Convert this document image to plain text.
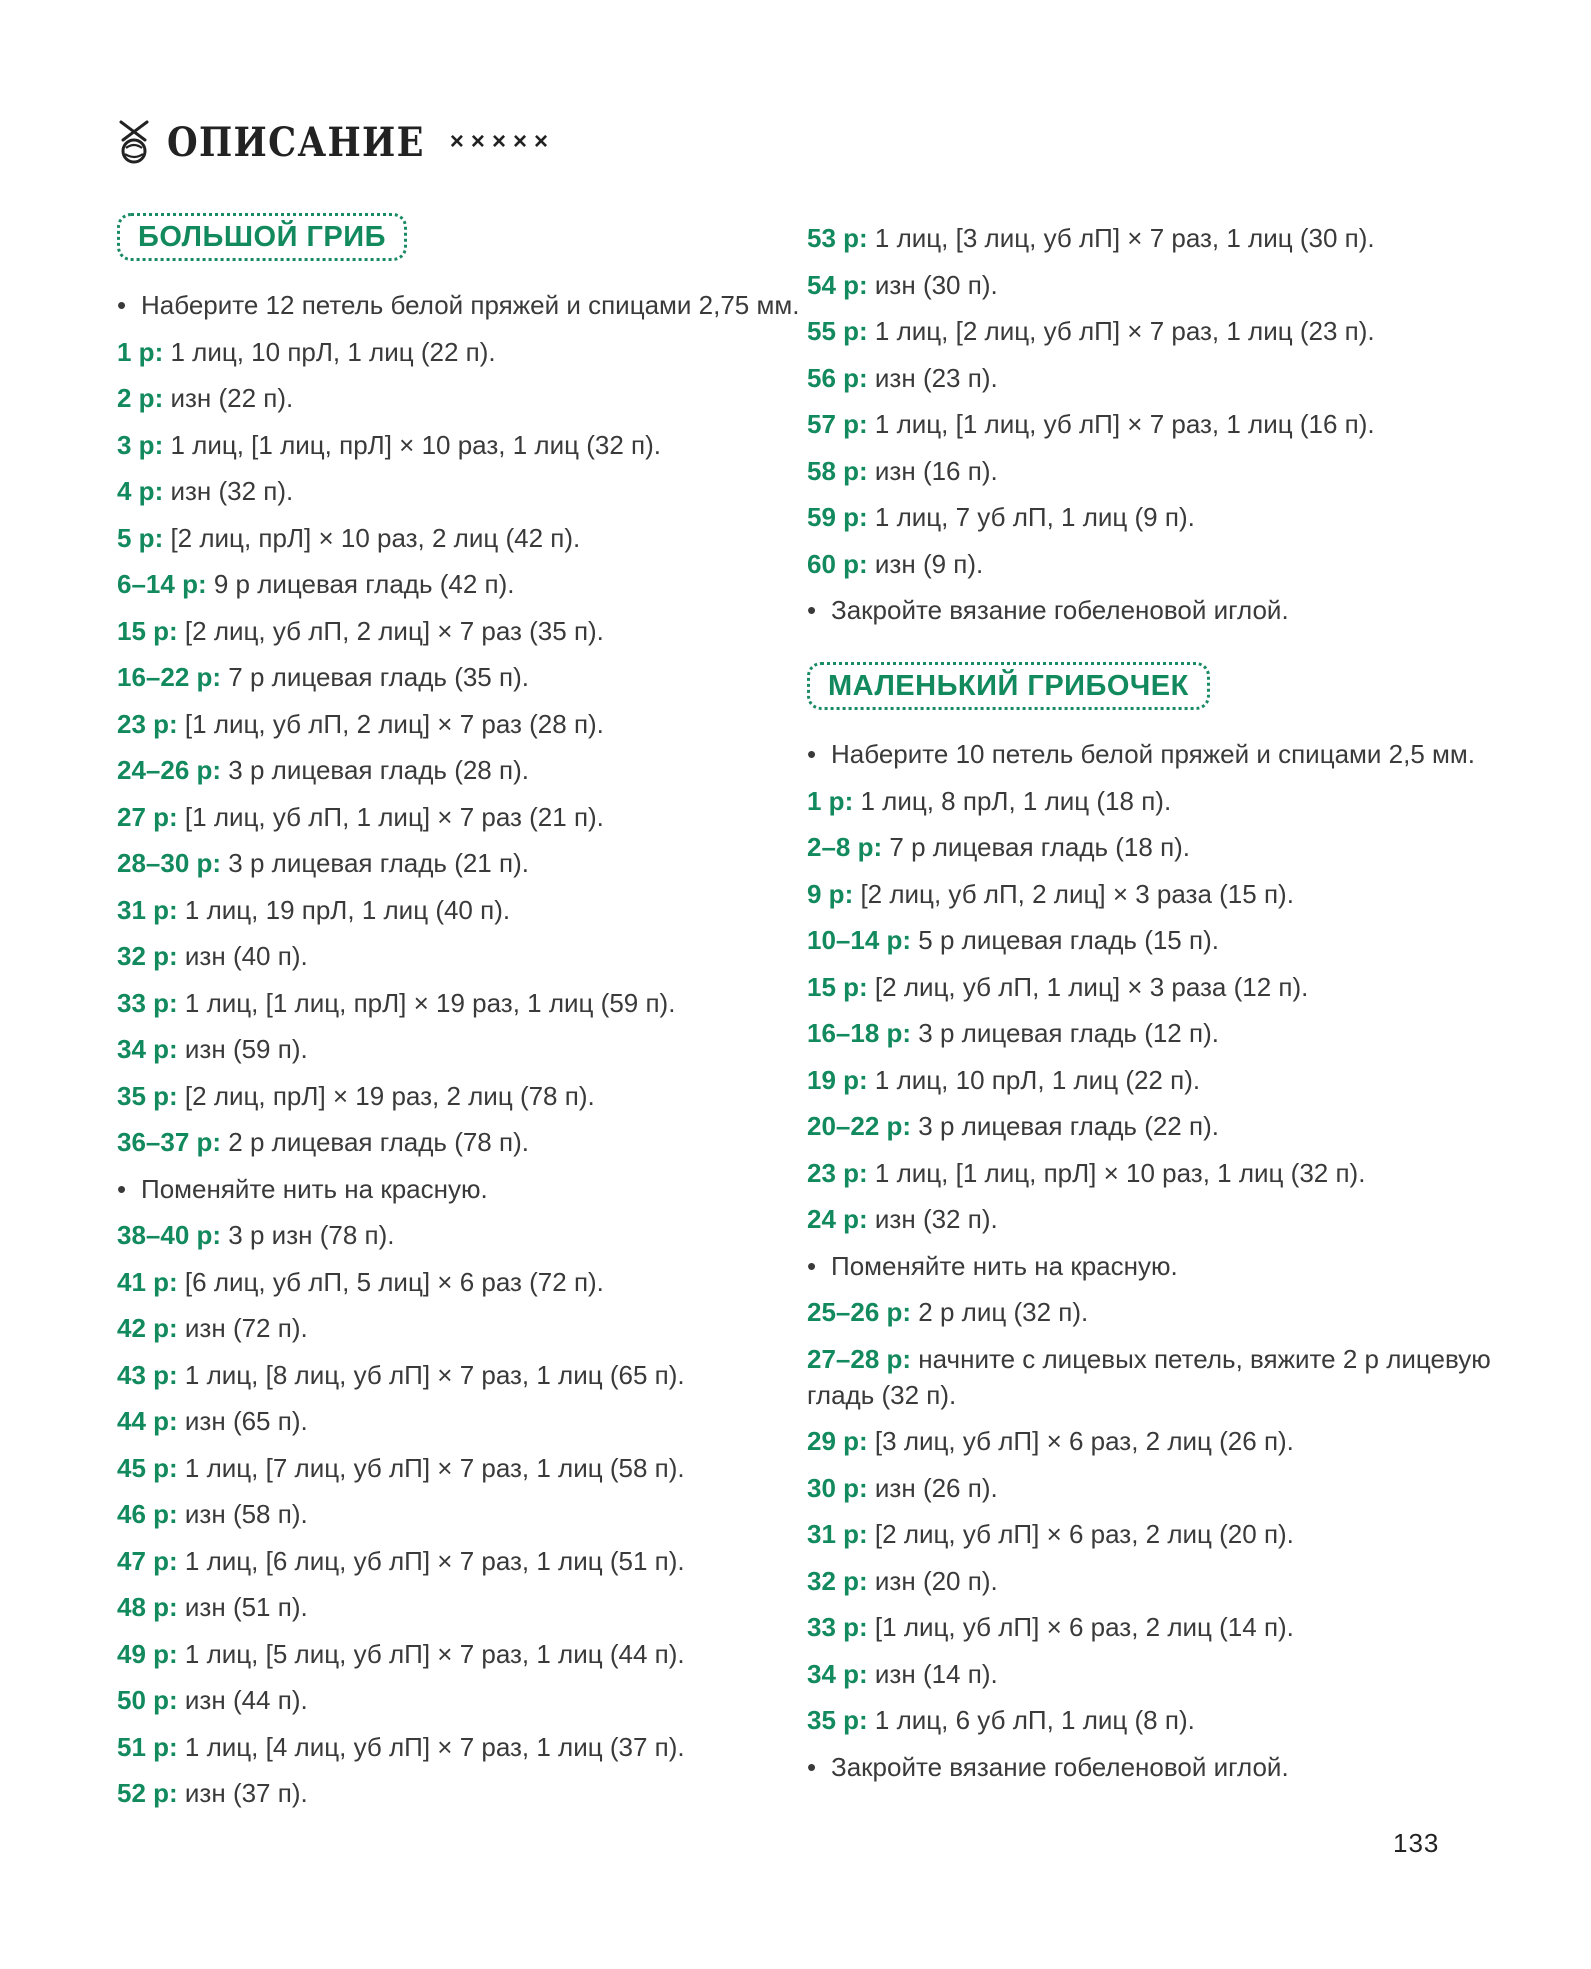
ОПИСАНИЕ ×××××
БОЛЬШОЙ ГРИБ
• Наберите 12 петель белой пряжей и спицами 2,75 мм.
1 р: 1 лиц, 10 прЛ, 1 лиц (22 п).
2 р: изн (22 п).
3 р: 1 лиц, [1 лиц, прЛ] × 10 раз, 1 лиц (32 п).
4 р: изн (32 п).
5 р: [2 лиц, прЛ] × 10 раз, 2 лиц (42 п).
6–14 р: 9 р лицевая гладь (42 п).
15 р: [2 лиц, уб лП, 2 лиц] × 7 раз (35 п).
16–22 р: 7 р лицевая гладь (35 п).
23 р: [1 лиц, уб лП, 2 лиц] × 7 раз (28 п).
24–26 р: 3 р лицевая гладь (28 п).
27 р: [1 лиц, уб лП, 1 лиц] × 7 раз (21 п).
28–30 р: 3 р лицевая гладь (21 п).
31 р: 1 лиц, 19 прЛ, 1 лиц (40 п).
32 р: изн (40 п).
33 р: 1 лиц, [1 лиц, прЛ] × 19 раз, 1 лиц (59 п).
34 р: изн (59 п).
35 р: [2 лиц, прЛ] × 19 раз, 2 лиц (78 п).
36–37 р: 2 р лицевая гладь (78 п).
• Поменяйте нить на красную.
38–40 р: 3 р изн (78 п).
41 р: [6 лиц, уб лП, 5 лиц] × 6 раз (72 п).
42 р: изн (72 п).
43 р: 1 лиц, [8 лиц, уб лП] × 7 раз, 1 лиц (65 п).
44 р: изн (65 п).
45 р: 1 лиц, [7 лиц, уб лП] × 7 раз, 1 лиц (58 п).
46 р: изн (58 п).
47 р: 1 лиц, [6 лиц, уб лП] × 7 раз, 1 лиц (51 п).
48 р: изн (51 п).
49 р: 1 лиц, [5 лиц, уб лП] × 7 раз, 1 лиц (44 п).
50 р: изн (44 п).
51 р: 1 лиц, [4 лиц, уб лП] × 7 раз, 1 лиц (37 п).
52 р: изн (37 п).
53 р: 1 лиц, [3 лиц, уб лП] × 7 раз, 1 лиц (30 п).
54 р: изн (30 п).
55 р: 1 лиц, [2 лиц, уб лП] × 7 раз, 1 лиц (23 п).
56 р: изн (23 п).
57 р: 1 лиц, [1 лиц, уб лП] × 7 раз, 1 лиц (16 п).
58 р: изн (16 п).
59 р: 1 лиц, 7 уб лП, 1 лиц (9 п).
60 р: изн (9 п).
• Закройте вязание гобеленовой иглой.
МАЛЕНЬКИЙ ГРИБОЧЕК
• Наберите 10 петель белой пряжей и спицами 2,5 мм.
1 р: 1 лиц, 8 прЛ, 1 лиц (18 п).
2–8 р: 7 р лицевая гладь (18 п).
9 р: [2 лиц, уб лП, 2 лиц] × 3 раза (15 п).
10–14 р: 5 р лицевая гладь (15 п).
15 р: [2 лиц, уб лП, 1 лиц] × 3 раза (12 п).
16–18 р: 3 р лицевая гладь (12 п).
19 р: 1 лиц, 10 прЛ, 1 лиц (22 п).
20–22 р: 3 р лицевая гладь (22 п).
23 р: 1 лиц, [1 лиц, прЛ] × 10 раз, 1 лиц (32 п).
24 р: изн (32 п).
• Поменяйте нить на красную.
25–26 р: 2 р лиц (32 п).
27–28 р: начните с лицевых петель, вяжите 2 р лицевую гладь (32 п).
29 р: [3 лиц, уб лП] × 6 раз, 2 лиц (26 п).
30 р: изн (26 п).
31 р: [2 лиц, уб лП] × 6 раз, 2 лиц (20 п).
32 р: изн (20 п).
33 р: [1 лиц, уб лП] × 6 раз, 2 лиц (14 п).
34 р: изн (14 п).
35 р: 1 лиц, 6 уб лП, 1 лиц (8 п).
• Закройте вязание гобеленовой иглой.
133
